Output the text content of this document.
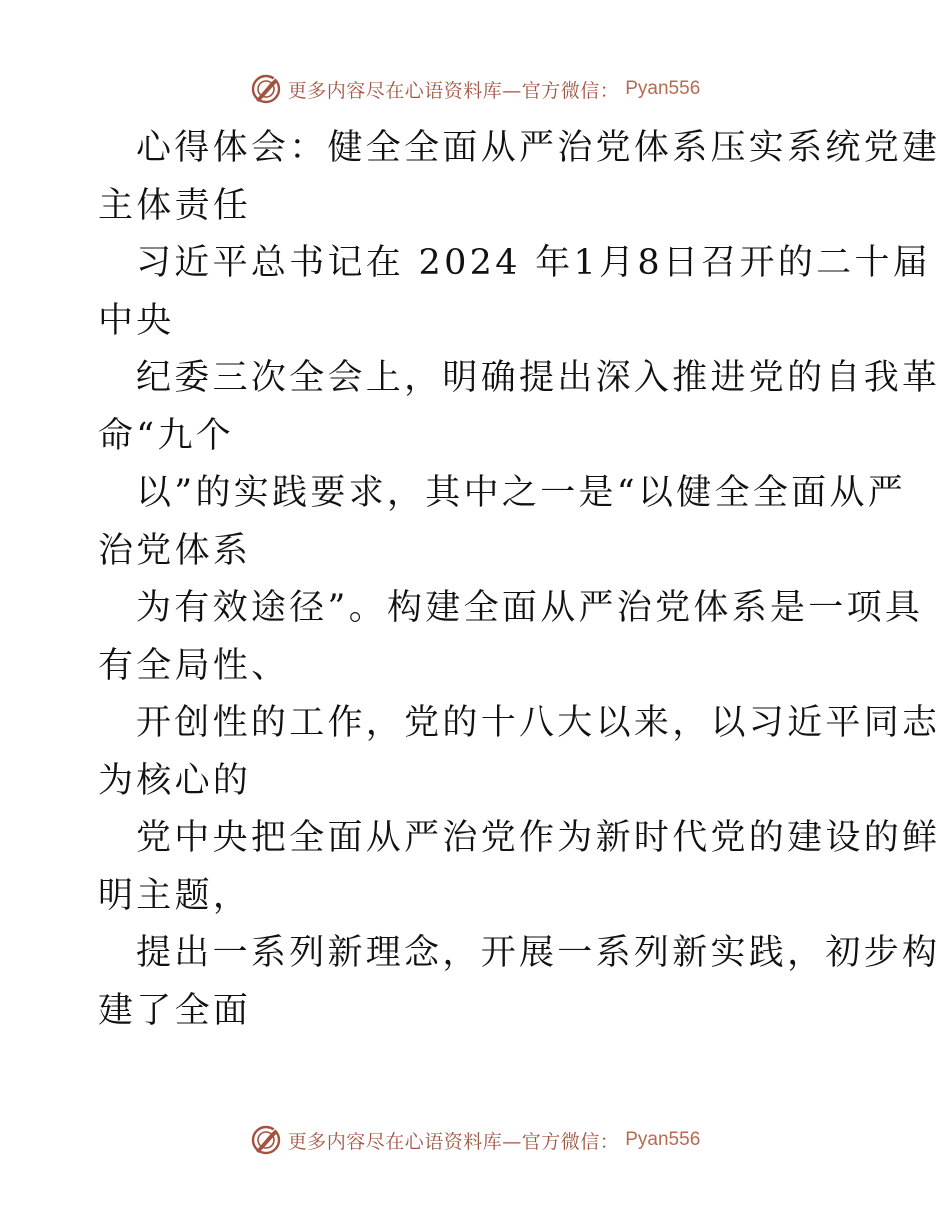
更多内容尽在心语资料库—官方微信： Pyan556
心得体会：健全全面从严治党体系压实系统党建
主体责任
习近平总书记在 2024 年1月8日召开的二十届
中央
纪委三次全会上，明确提出深入推进党的自我革
命“九个
以”的实践要求，其中之一是“以健全全面从严
治党体系
为有效途径”。构建全面从严治党体系是一项具
有全局性、
开创性的工作，党的十八大以来，以习近平同志
为核心的
党中央把全面从严治党作为新时代党的建设的鲜
明主题，
提出一系列新理念，开展一系列新实践，初步构
建了全面
更多内容尽在心语资料库—官方微信： Pyan556
